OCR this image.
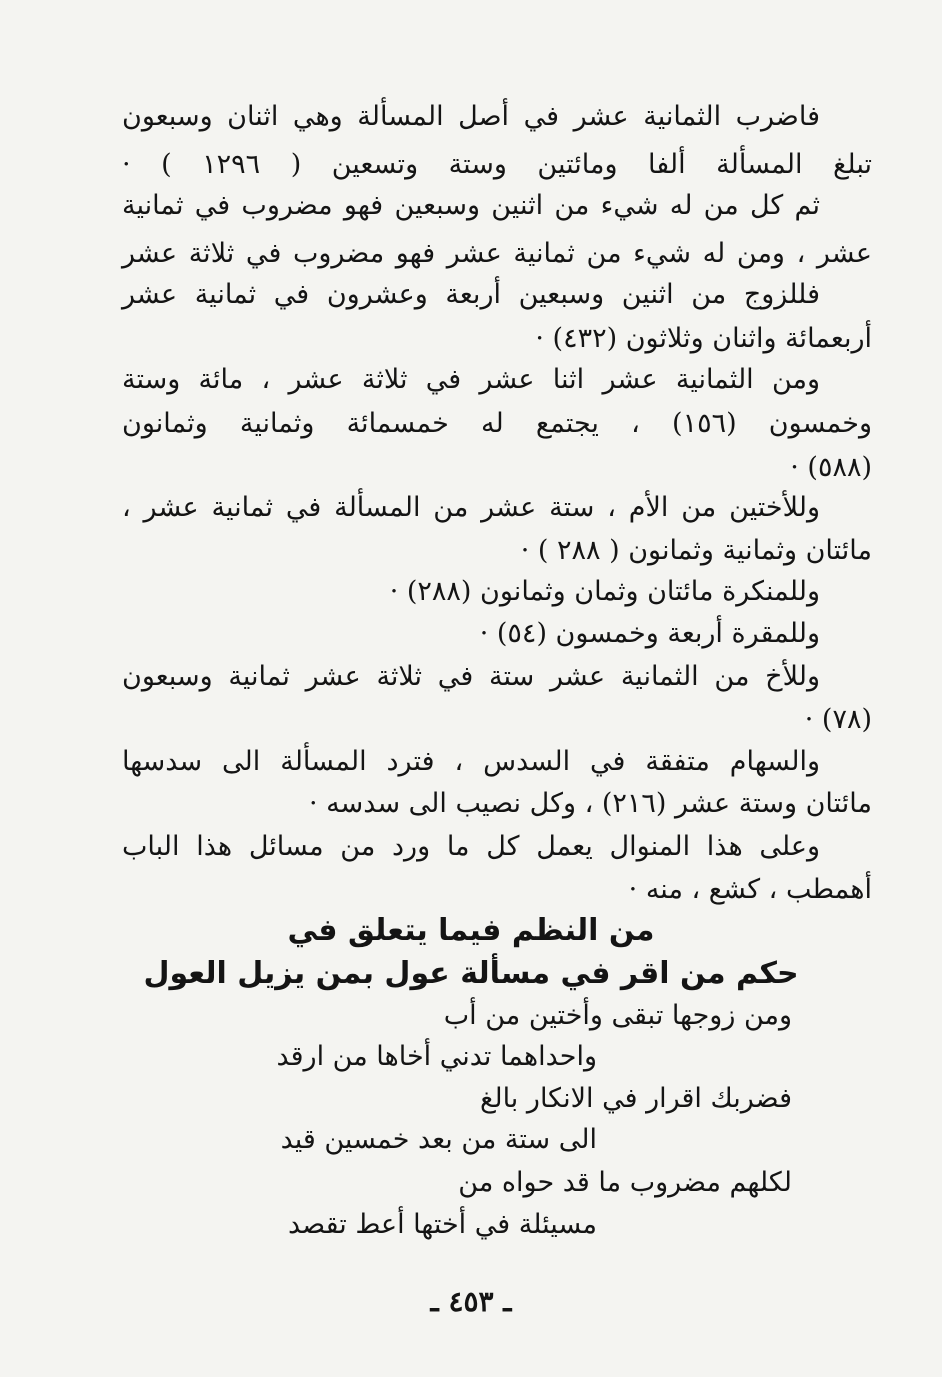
فاضرب الثمانية عشر في أصل المسألة وهي اثنان وسبعون
تبلغ المسألة ألفا ومائتين وستة وتسعين ( ١٢٩٦ ) ·
ثم كل من له شيء من اثنين وسبعين فهو مضروب في ثمانية
عشر ، ومن له شيء من ثمانية عشر فهو مضروب في ثلاثة عشر
فللزوج من اثنين وسبعين أربعة وعشرون في ثمانية عشر
أربعمائة واثنان وثلاثون (٤٣٢) ·
ومن الثمانية عشر اثنا عشر في ثلاثة عشر ، مائة وستة
وخمسون (١٥٦) ، يجتمع له خمسمائة وثمانية وثمانون
(٥٨٨) ·
وللأختين من الأم ، ستة عشر من المسألة في ثمانية عشر ،
مائتان وثمانية وثمانون ( ٢٨٨ ) ·
وللمنكرة مائتان وثمان وثمانون (٢٨٨) ·
وللمقرة أربعة وخمسون (٥٤) ·
وللأخ من الثمانية عشر ستة في ثلاثة عشر ثمانية وسبعون
(٧٨) ·
والسهام متفقة في السدس ، فترد المسألة الى سدسها
مائتان وستة عشر (٢١٦) ، وكل نصيب الى سدسه ·
وعلى هذا المنوال يعمل كل ما ورد من مسائل هذا الباب
أهمطب ، كشع ، منه ·
من النظم فيما يتعلق في
حكم من اقر في مسألة عول بمن يزيل العول
ومن زوجها تبقى وأختين من أب
واحداهما تدني أخاها من ارقد
فضربك اقرار في الانكار بالغ
الى ستة من بعد خمسين قيد
لكلهم مضروب ما قد حواه من
مسيئلة في أختها أعط تقصد
ـ ٤٥٣ ـ
